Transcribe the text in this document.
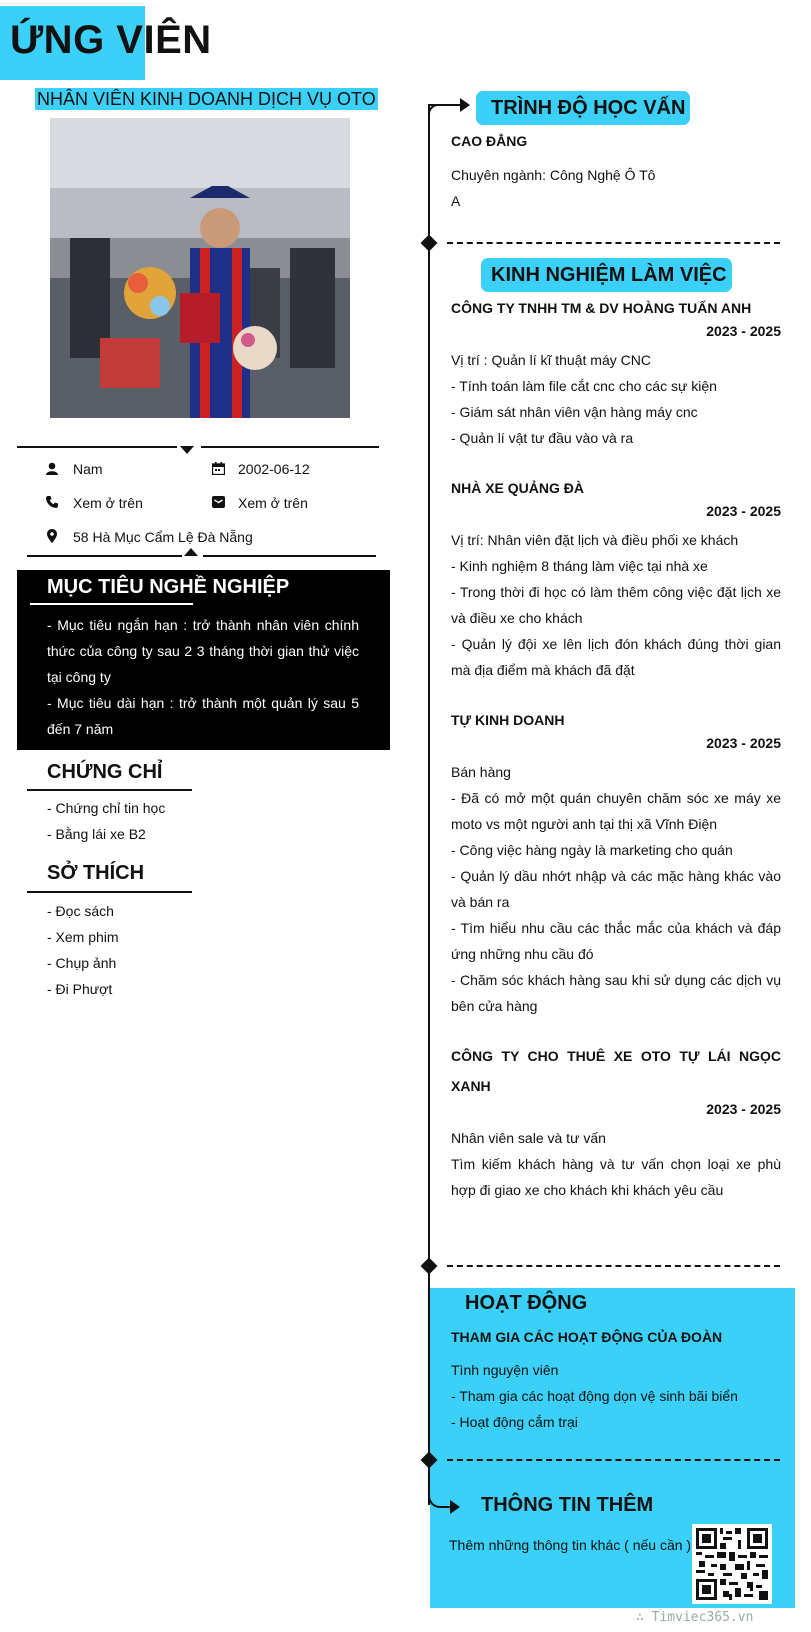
ỨNG VIÊN
NHÂN VIÊN KINH DOANH DỊCH VỤ OTO
Nam	2002-06-12
Xem ở trên	Xem ở trên
58 Hà Mục Cẩm Lệ Đà Nẵng
MỤC TIÊU NGHỀ NGHIỆP
- Mục tiêu ngắn hạn : trở thành nhân viên chính thức của công ty sau 2 3 tháng thời gian thử việc tại công ty
- Mục tiêu dài hạn : trở thành một quản lý sau 5 đến 7 năm
CHỨNG CHỈ
- Chứng chỉ tin học
- Bằng lái xe B2
SỞ THÍCH
- Đọc sách
- Xem phim
- Chụp ảnh
- Đi Phượt
TRÌNH ĐỘ HỌC VẤN
CAO ĐẲNG
Chuyên ngành: Công Nghệ Ô Tô
A
KINH NGHIỆM LÀM VIỆC
CÔNG TY TNHH TM & DV HOÀNG TUẤN ANH
2023 - 2025
Vị trí : Quản lí kĩ thuật máy CNC
- Tính toán làm file cắt cnc cho các sự kiện
- Giám sát nhân viên vận hàng máy cnc
- Quản lí vật tư đầu vào và ra
NHÀ XE QUẢNG ĐÀ
2023 - 2025
Vị trí: Nhân viên đặt lịch và điều phối xe khách
- Kinh nghiệm 8 tháng làm việc tại nhà xe
- Trong thời đi học có làm thêm công việc đặt lịch xe và điều xe cho khách
- Quản lý đội xe lên lịch đón khách đúng thời gian mà địa điểm mà khách đã đặt
TỰ KINH DOANH
2023 - 2025
Bán hàng
- Đã có mở một quán chuyên chăm sóc xe máy xe moto vs một người anh tại thị xã Vĩnh Điện
- Công việc hàng ngày là marketing cho quán
- Quản lý dầu nhớt nhập và các mặc hàng khác vào và bán ra
- Tìm hiểu nhu cầu các thắc mắc của khách và đáp ứng những nhu cầu đó
- Chăm sóc khách hàng sau khi sử dụng các dịch vụ bên cửa hàng
CÔNG TY CHO THUÊ XE OTO TỰ LÁI NGỌC XANH
2023 - 2025
Nhân viên sale và tư vấn
Tìm kiếm khách hàng và tư vấn chọn loại xe phù hợp đi giao xe cho khách khi khách yêu cầu
HOẠT ĐỘNG
THAM GIA CÁC HOẠT ĐỘNG CỦA ĐOÀN
Tình nguyện viên
- Tham gia các hoạt động dọn vệ sinh bãi biển
- Hoạt động cắm trại
THÔNG TIN THÊM
Thêm những thông tin khác ( nếu cần )
∴ Timviec365.vn
